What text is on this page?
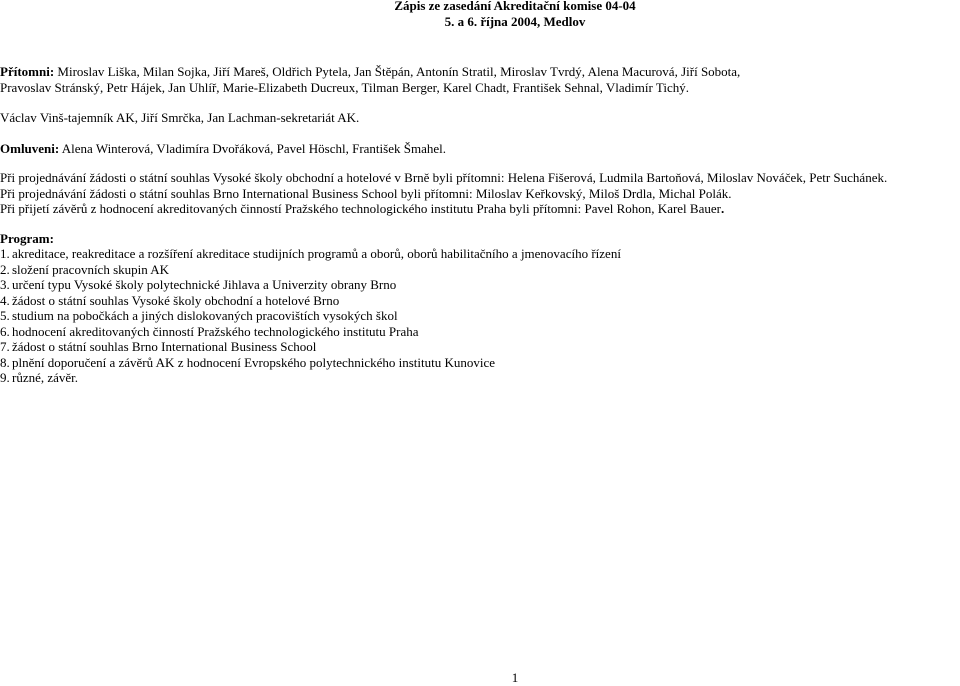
Zápis ze zasedání Akreditační komise 04-04
5. a 6. října 2004, Medlov

Přítomni: Miroslav Liška, Milan Sojka, Jiří Mareš, Oldřich Pytela, Jan Štěpán, Antonín Stratil, Miroslav Tvrdý, Alena Macurová, Jiří Sobota,

Pravoslav Stránský, Petr Hájek, Jan Uhlíř, Marie-Elizabeth Ducreux, Tilman Berger, Karel Chadt, František Sehnal, Vladimír Tichý.

Václav Vinš-tajemník AK, Jiří Smrčka, Jan Lachman-sekretariát AK.

Omluveni: Alena Winterová, Vladimíra Dvořáková, Pavel Höschl, František Šmahel.

Při projednávání žádosti o státní souhlas Vysoké školy obchodní a hotelové v Brně byli přítomni: Helena Fišerová, Ludmila Bartoňová, Miloslav Nováček, Petr Suchánek.

Při projednávání žádosti o státní souhlas Brno International Business School byli přítomni: Miloslav Keřkovský, Miloš Drdla, Michal Polák.

Při přijetí závěrů z hodnocení akreditovaných činností Pražského technologického institutu Praha byli přítomni: Pavel Rohon, Karel Bauer.

Program:

1. akreditace, reakreditace a rozšíření akreditace studijních programů a oborů, oborů habilitačního a jmenovacího řízení
2. složení pracovních skupin AK
3. určení typu Vysoké školy polytechnické Jihlava a Univerzity obrany Brno
4. žádost o státní souhlas Vysoké školy obchodní a hotelové Brno
5. studium na pobočkách a jiných dislokovaných pracovištích vysokých škol
6. hodnocení akreditovaných činností Pražského technologického institutu Praha
7. žádost o státní souhlas Brno International Business School
8. plnění doporučení a závěrů AK z hodnocení Evropského polytechnického institutu Kunovice
9. různé, závěr.
1
